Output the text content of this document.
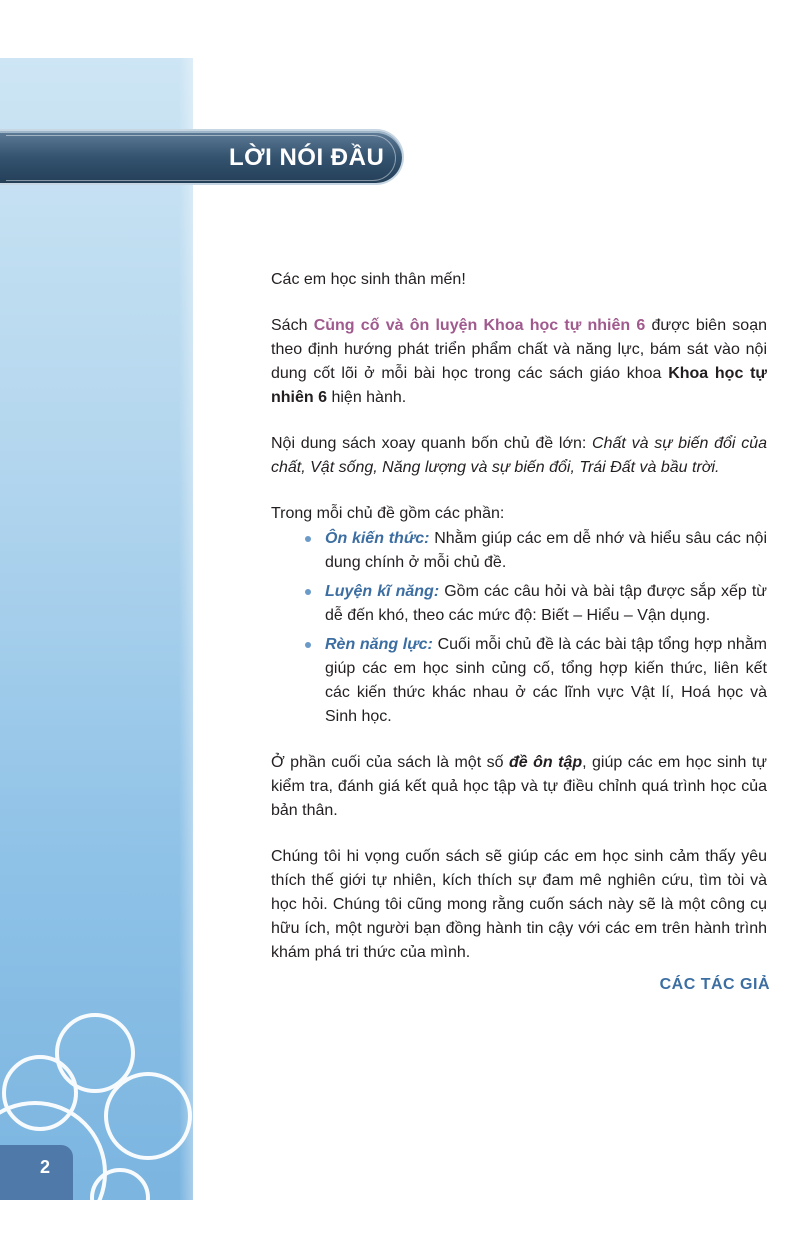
LỜI NÓI ĐẦU

Các em học sinh thân mến!

Sách Củng cố và ôn luyện Khoa học tự nhiên 6 được biên soạn theo định hướng phát triển phẩm chất và năng lực, bám sát vào nội dung cốt lõi ở mỗi bài học trong các sách giáo khoa Khoa học tự nhiên 6 hiện hành.

Nội dung sách xoay quanh bốn chủ đề lớn: Chất và sự biến đổi của chất, Vật sống, Năng lượng và sự biến đổi, Trái Đất và bầu trời.

Trong mỗi chủ đề gồm các phần:

Ôn kiến thức: Nhằm giúp các em dễ nhớ và hiểu sâu các nội dung chính ở mỗi chủ đề.
Luyện kĩ năng: Gồm các câu hỏi và bài tập được sắp xếp từ dễ đến khó, theo các mức độ: Biết – Hiểu – Vận dụng.
Rèn năng lực: Cuối mỗi chủ đề là các bài tập tổng hợp nhằm giúp các em học sinh củng cố, tổng hợp kiến thức, liên kết các kiến thức khác nhau ở các lĩnh vực Vật lí, Hoá học và Sinh học.

Ở phần cuối của sách là một số đề ôn tập, giúp các em học sinh tự kiểm tra, đánh giá kết quả học tập và tự điều chỉnh quá trình học của bản thân.

Chúng tôi hi vọng cuốn sách sẽ giúp các em học sinh cảm thấy yêu thích thế giới tự nhiên, kích thích sự đam mê nghiên cứu, tìm tòi và học hỏi. Chúng tôi cũng mong rằng cuốn sách này sẽ là một công cụ hữu ích, một người bạn đồng hành tin cậy với các em trên hành trình khám phá tri thức của mình.

CÁC TÁC GIẢ
2
